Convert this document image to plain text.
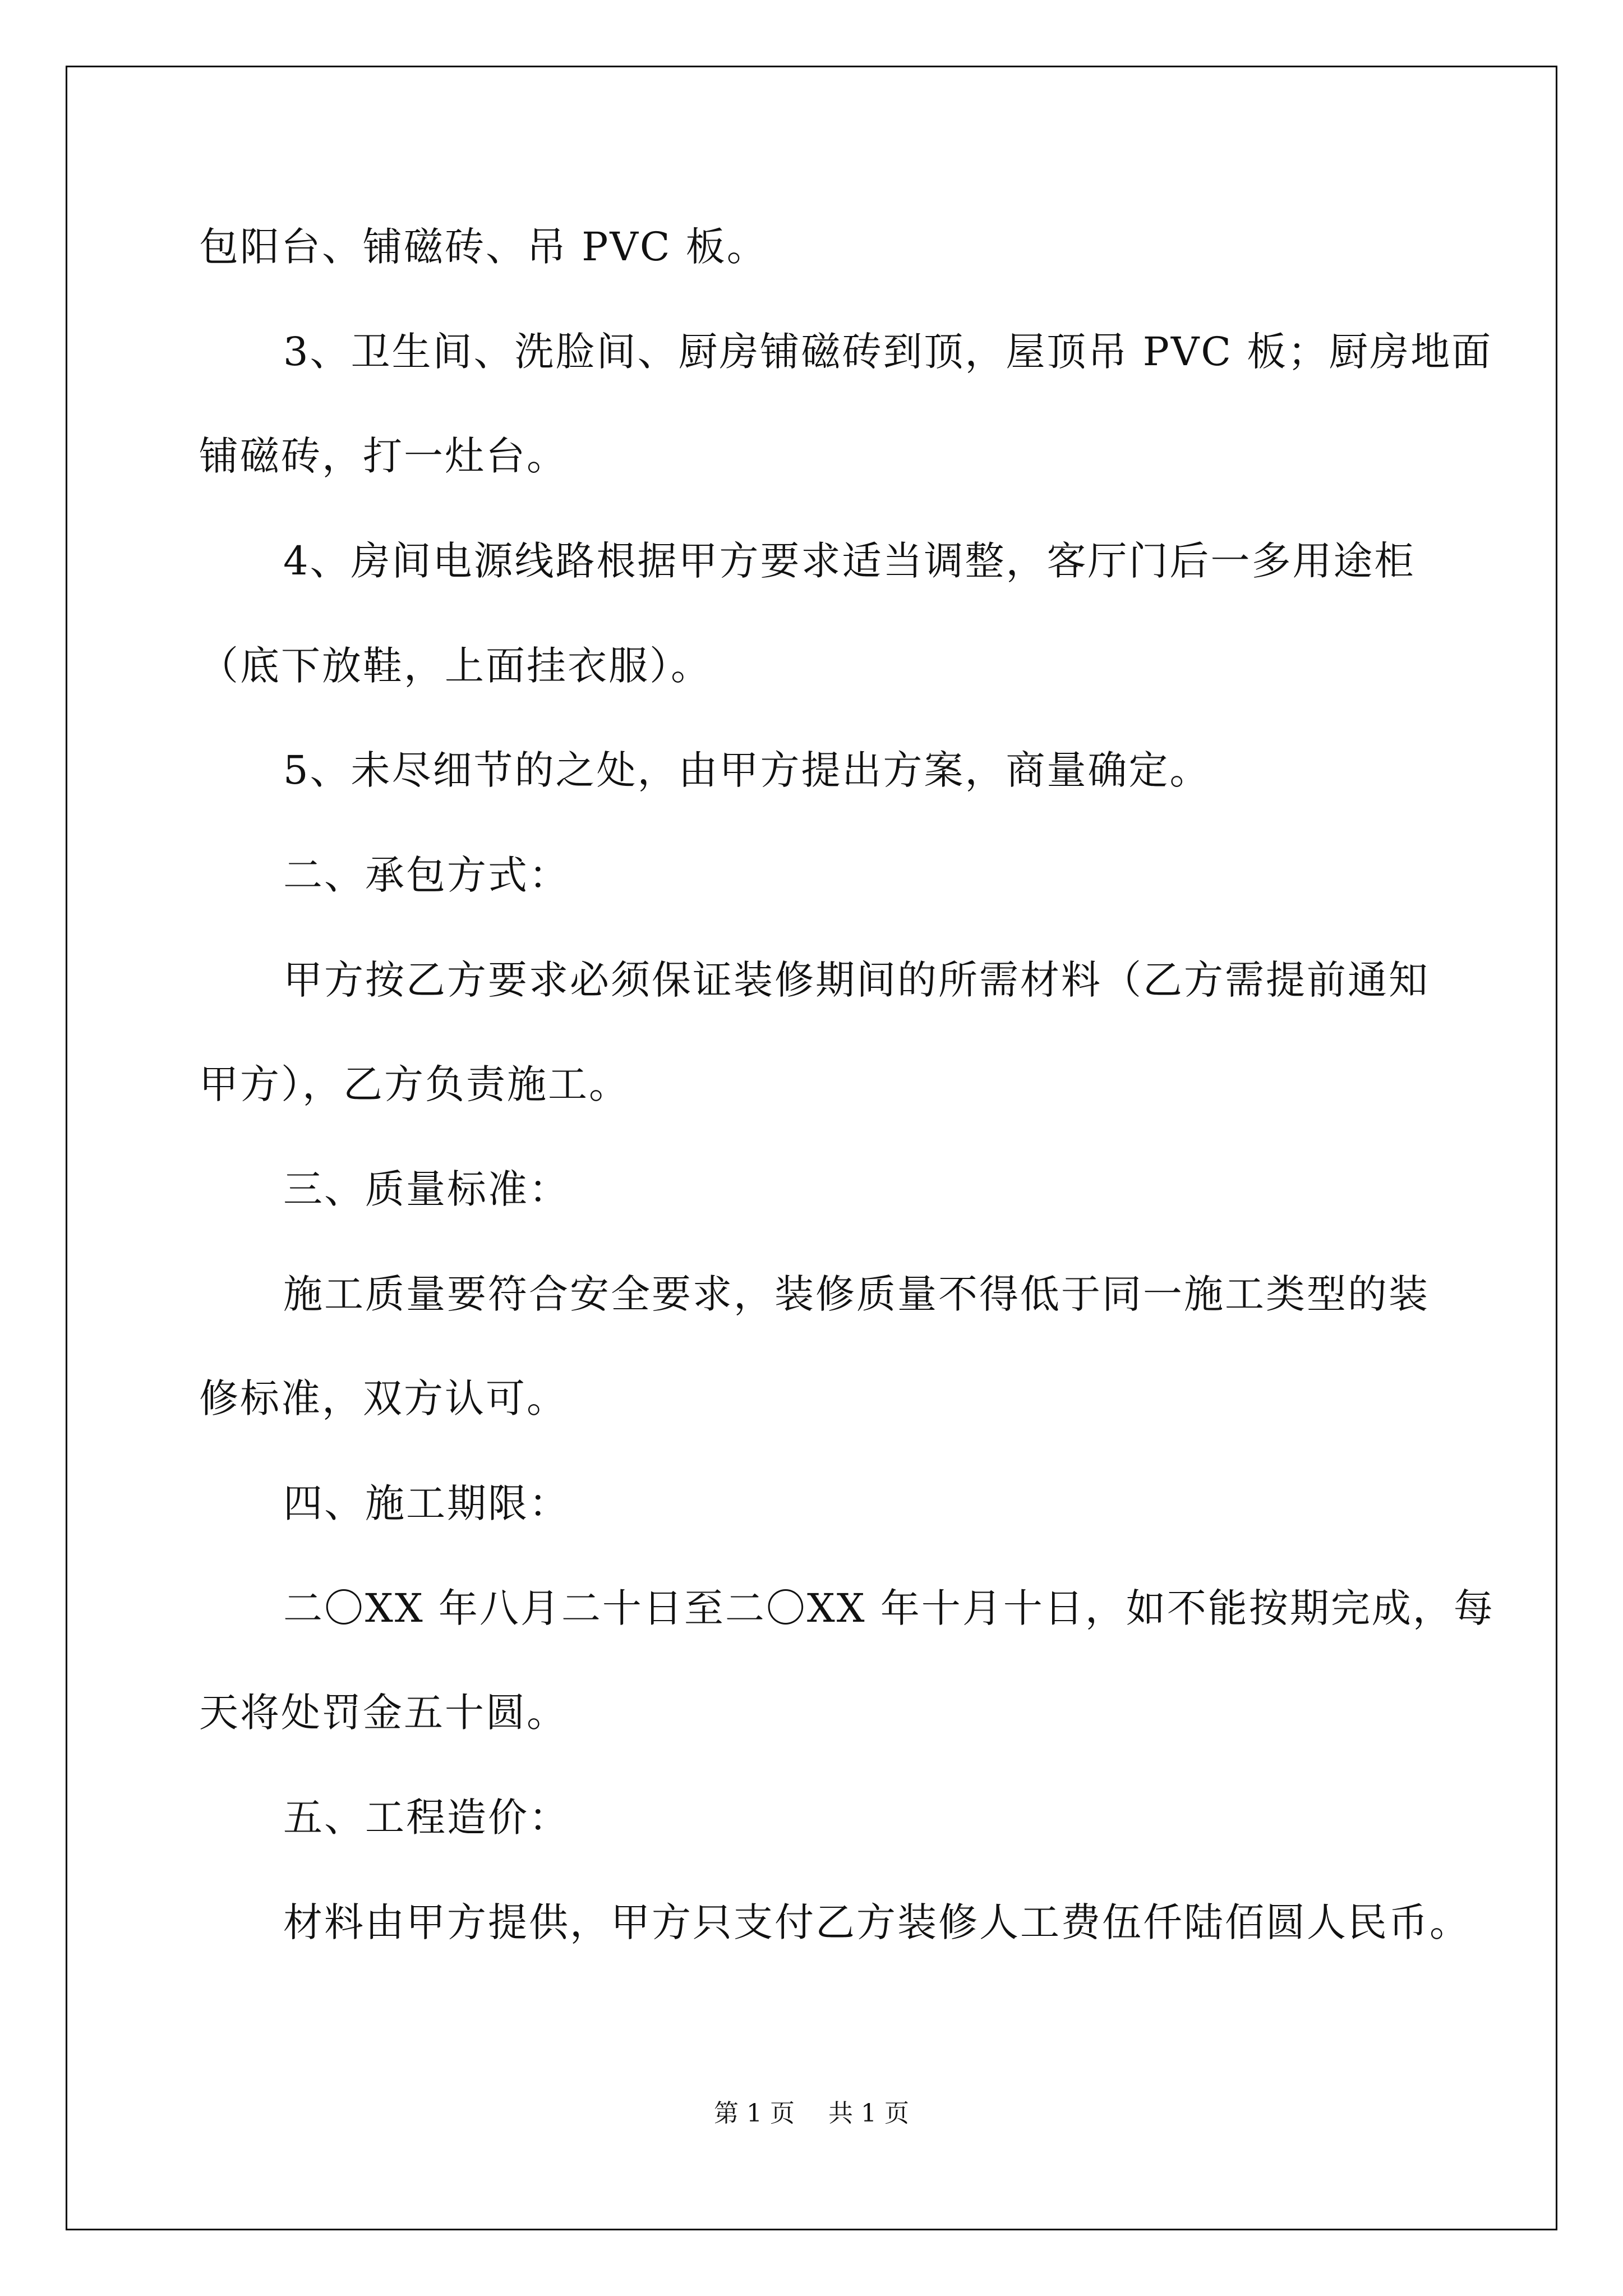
包阳台、铺磁砖、吊 PVC 板。

3、卫生间、洗脸间、厨房铺磁砖到顶，屋顶吊 PVC 板；厨房地面

铺磁砖，打一灶台。

4、房间电源线路根据甲方要求适当调整，客厅门后一多用途柜

（底下放鞋，上面挂衣服）。

5、未尽细节的之处，由甲方提出方案，商量确定。

二、承包方式：

甲方按乙方要求必须保证装修期间的所需材料（乙方需提前通知

甲方），乙方负责施工。

三、质量标准：

施工质量要符合安全要求，装修质量不得低于同一施工类型的装

修标准，双方认可。

四、施工期限：

二〇XX 年八月二十日至二〇XX 年十月十日，如不能按期完成，每

天将处罚金五十圆。

五、工程造价：

材料由甲方提供，甲方只支付乙方装修人工费伍仟陆佰圆人民币。

第 1 页 共 1 页
